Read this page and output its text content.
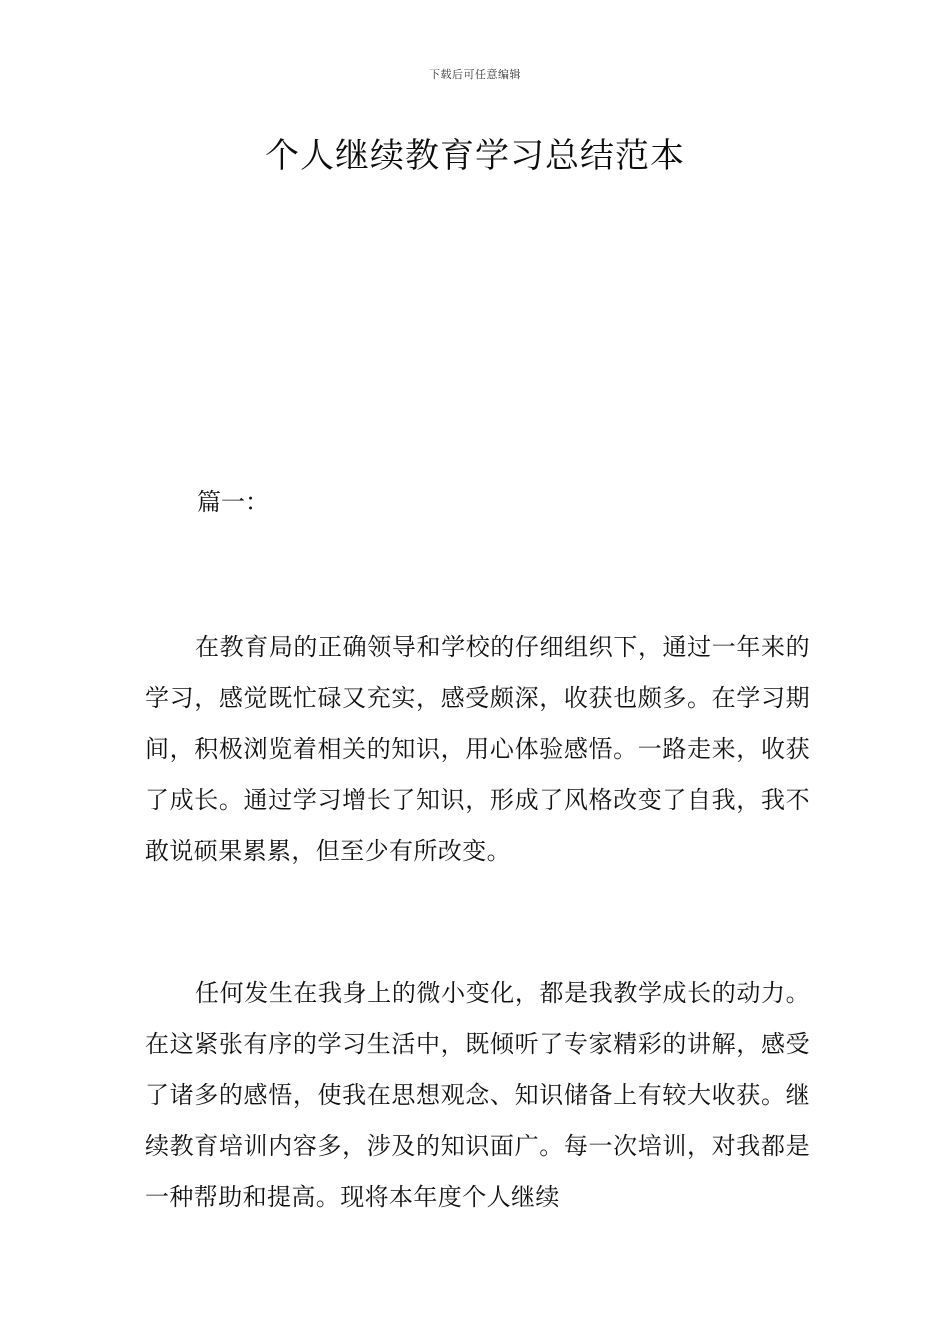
下载后可任意编辑
个人继续教育学习总结范本

篇一：

在教育局的正确领导和学校的仔细组织下，通过一年来的学习，感觉既忙碌又充实，感受颇深，收获也颇多。在学习期间，积极浏览着相关的知识，用心体验感悟。一路走来，收获了成长。通过学习增长了知识，形成了风格改变了自我，我不敢说硕果累累，但至少有所改变。

任何发生在我身上的微小变化，都是我教学成长的动力。在这紧张有序的学习生活中，既倾听了专家精彩的讲解，感受了诸多的感悟，使我在思想观念、知识储备上有较大收获。继续教育培训内容多，涉及的知识面广。每一次培训，对我都是一种帮助和提高。现将本年度个人继续
